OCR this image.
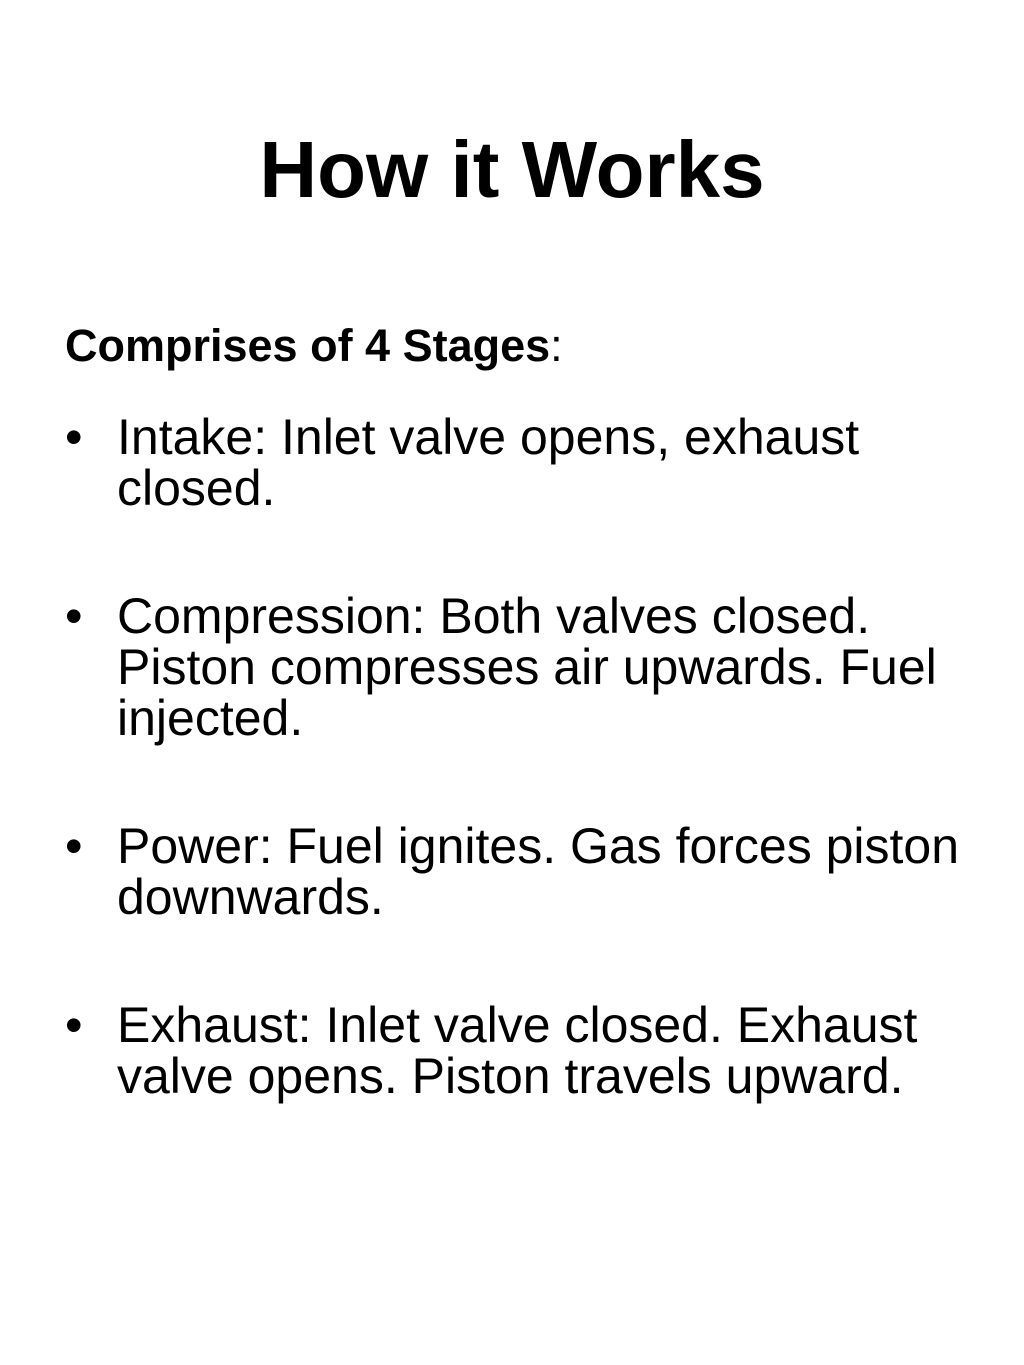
How it Works

Comprises of 4 Stages:

• Intake: Inlet valve opens, exhaust closed.
• Compression: Both valves closed. Piston compresses air upwards. Fuel injected.
• Power: Fuel ignites. Gas forces piston downwards.
• Exhaust: Inlet valve closed. Exhaust valve opens. Piston travels upward.
